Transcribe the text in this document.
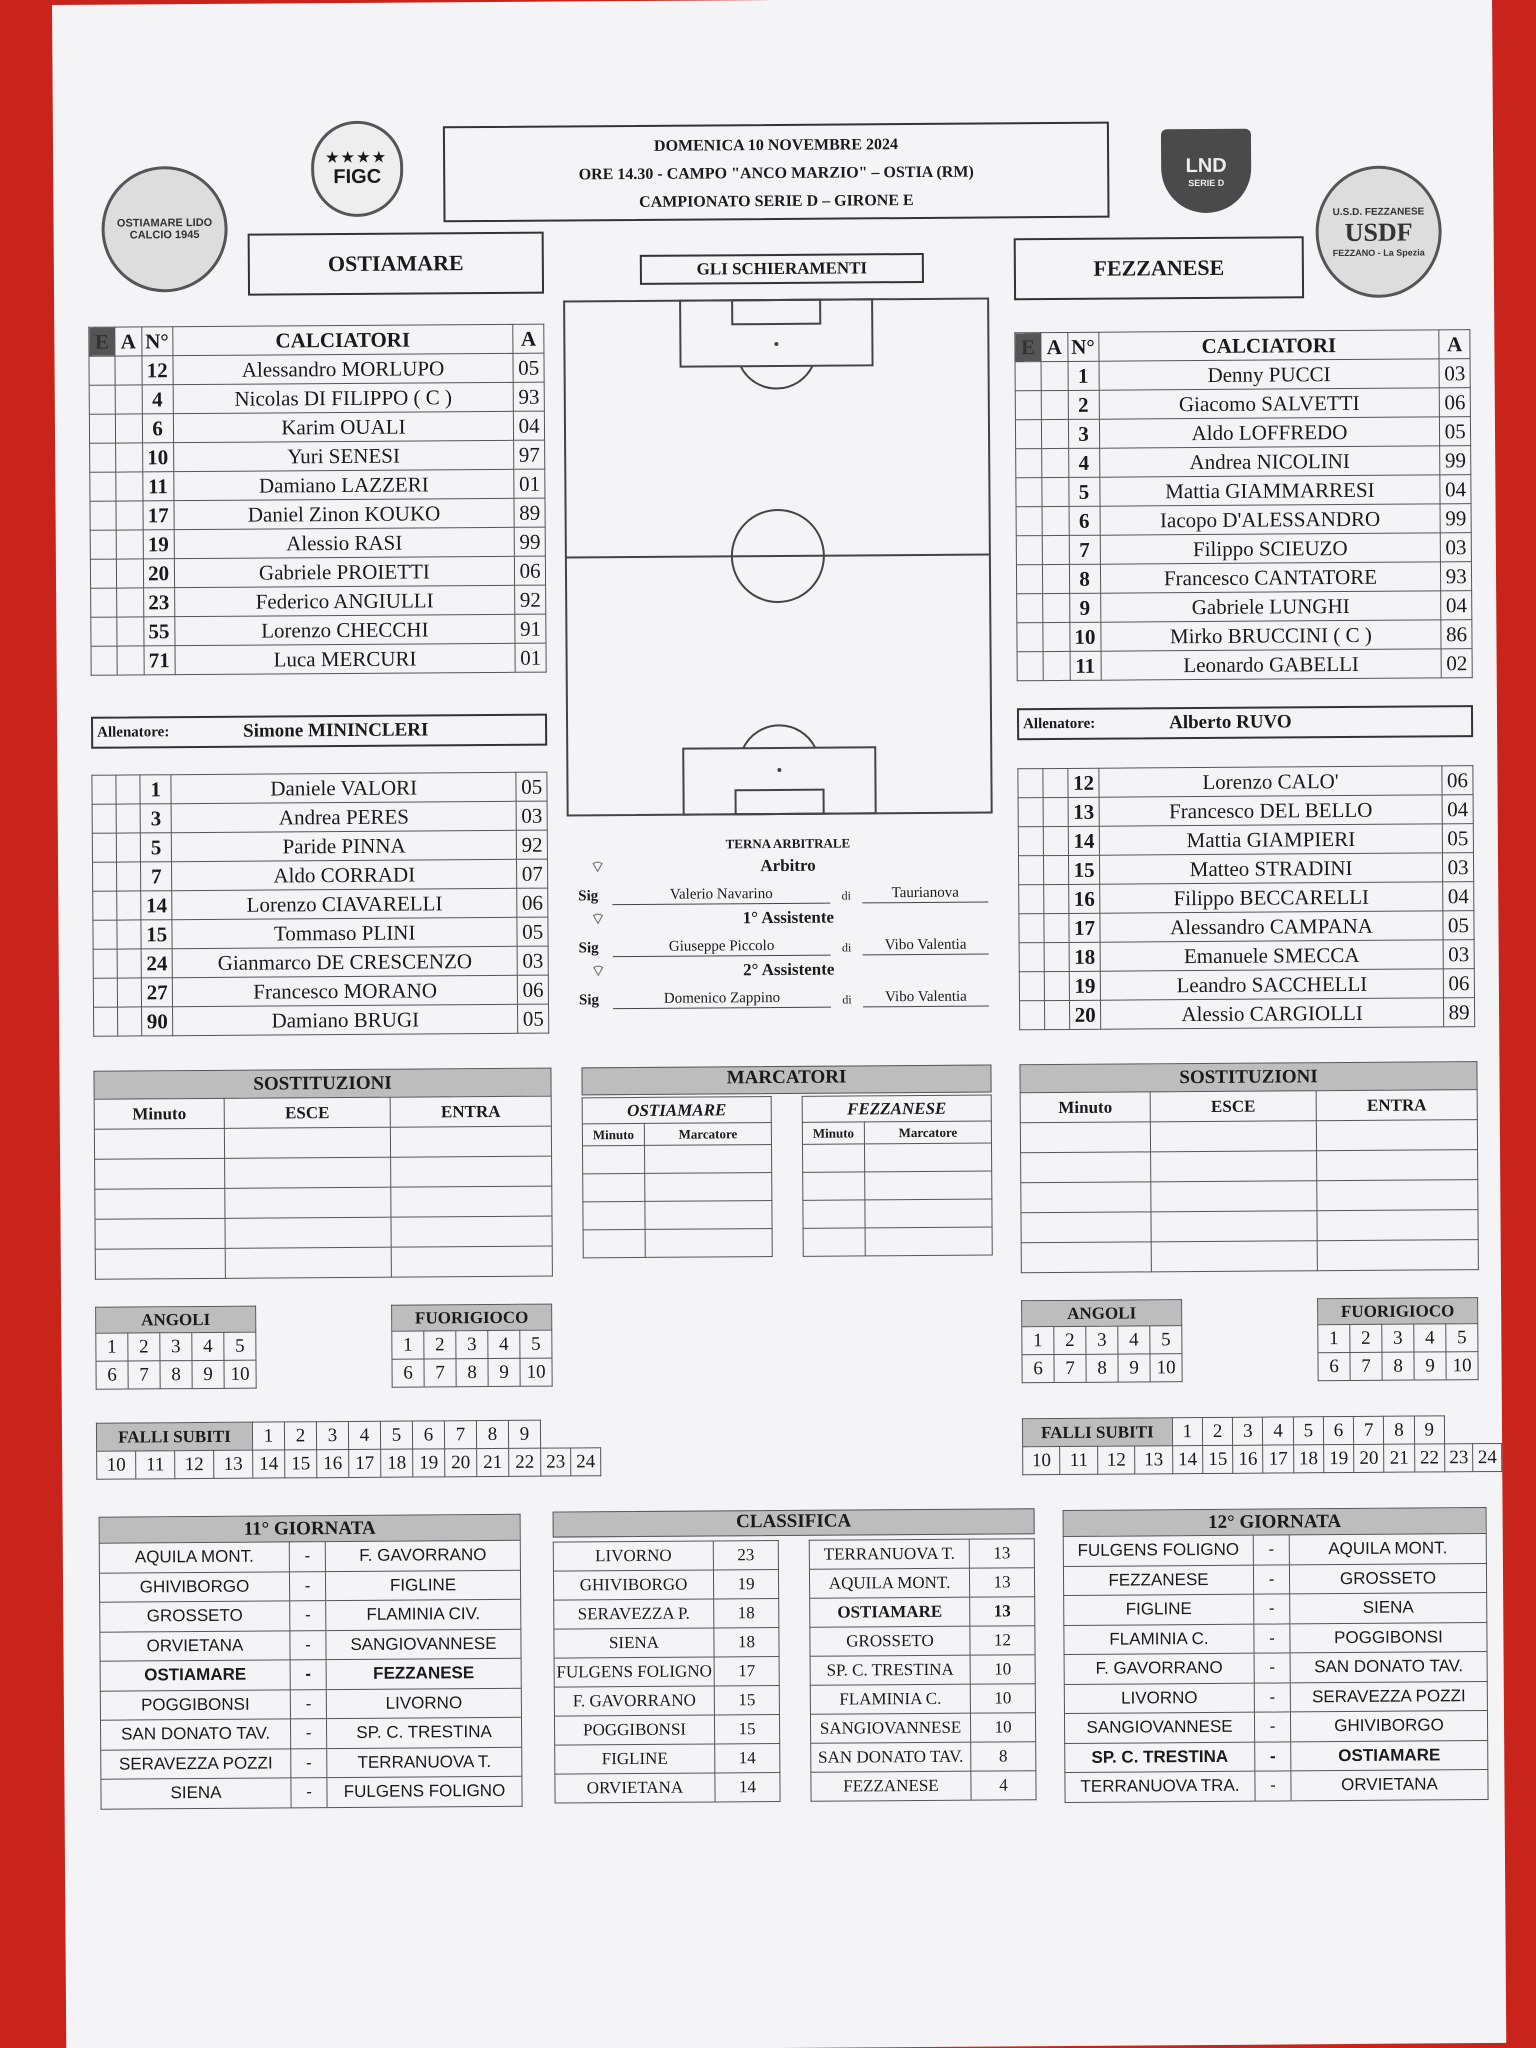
OSTIAMARE LIDO CALCIO 1945
★★★★
FIGC
LND
SERIE D
U.S.D. FEZZANESE
USDF
FEZZANO - La Spezia
DOMENICA 10 NOVEMBRE 2024
ORE 14.30 - CAMPO "ANCO MARZIO" – OSTIA (RM)
CAMPIONATO SERIE D – GIRONE E
OSTIAMARE	FEZZANESE
GLI SCHIERAMENTI
E	A	N°	CALCIATORI	A
		12	Alessandro MORLUPO	05
		4	Nicolas DI FILIPPO ( C )	93
		6	Karim OUALI	04
		10	Yuri SENESI	97
		11	Damiano LAZZERI	01
		17	Daniel Zinon KOUKO	89
		19	Alessio RASI	99
		20	Gabriele PROIETTI	06
		23	Federico ANGIULLI	92
		55	Lorenzo CHECCHI	91
		71	Luca MERCURI	01
Allenatore:	Simone MININCLERI
		1	Daniele VALORI	05
		3	Andrea PERES	03
		5	Paride PINNA	92
		7	Aldo CORRADI	07
		14	Lorenzo CIAVARELLI	06
		15	Tommaso PLINI	05
		24	Gianmarco DE CRESCENZO	03
		27	Francesco MORANO	06
		90	Damiano BRUGI	05
E	A	N°	CALCIATORI	A
		1	Denny PUCCI	03
		2	Giacomo SALVETTI	06
		3	Aldo LOFFREDO	05
		4	Andrea NICOLINI	99
		5	Mattia GIAMMARRESI	04
		6	Iacopo D'ALESSANDRO	99
		7	Filippo SCIEUZO	03
		8	Francesco CANTATORE	93
		9	Gabriele LUNGHI	04
		10	Mirko BRUCCINI ( C )	86
		11	Leonardo GABELLI	02
Allenatore:	Alberto RUVO
		12	Lorenzo CALO'	06
		13	Francesco DEL BELLO	04
		14	Mattia GIAMPIERI	05
		15	Matteo STRADINI	03
		16	Filippo BECCARELLI	04
		17	Alessandro CAMPANA	05
		18	Emanuele SMECCA	03
		19	Leandro SACCHELLI	06
		20	Alessio CARGIOLLI	89
TERNA ARBITRALE
Arbitro
⌔
Sig	Valerio Navarino	di	Taurianova
1° Assistente
⌔
Sig	Giuseppe Piccolo	di	Vibo Valentia
2° Assistente
⌔
Sig	Domenico Zappino	di	Vibo Valentia
SOSTITUZIONI		
Minuto	ESCE	ENTRA

SOSTITUZIONI		
Minuto	ESCE	ENTRA

MARCATORI
OSTIAMARE	
Minuto	Marcatore

FEZZANESE	
Minuto	Marcatore

ANGOLI				
1	2	3	4	5
6	7	8	9	10
FUORIGIOCO				
1	2	3	4	5
6	7	8	9	10
ANGOLI				
1	2	3	4	5
6	7	8	9	10
FUORIGIOCO				
1	2	3	4	5
6	7	8	9	10
FALLI SUBITI				1	2	3	4	5	6	7	8	9		
10	11	12	13	14	15	16	17	18	19	20	21	22	23	24
FALLI SUBITI				1	2	3	4	5	6	7	8	9		
10	11	12	13	14	15	16	17	18	19	20	21	22	23	24
11° GIORNATA		
AQUILA MONT.	-	F. GAVORRANO
GHIVIBORGO	-	FIGLINE
GROSSETO	-	FLAMINIA CIV.
ORVIETANA	-	SANGIOVANNESE
OSTIAMARE	-	FEZZANESE
POGGIBONSI	-	LIVORNO
SAN DONATO TAV.	-	SP. C. TRESTINA
SERAVEZZA POZZI	-	TERRANUOVA T.
SIENA	-	FULGENS FOLIGNO
CLASSIFICA
LIVORNO	23
GHIVIBORGO	19
SERAVEZZA P.	18
SIENA	18
FULGENS FOLIGNO	17
F. GAVORRANO	15
POGGIBONSI	15
FIGLINE	14
ORVIETANA	14
TERRANUOVA T.	13
AQUILA MONT.	13
OSTIAMARE	13
GROSSETO	12
SP. C. TRESTINA	10
FLAMINIA C.	10
SANGIOVANNESE	10
SAN DONATO TAV.	8
FEZZANESE	4
12° GIORNATA		
FULGENS FOLIGNO	-	AQUILA MONT.
FEZZANESE	-	GROSSETO
FIGLINE	-	SIENA
FLAMINIA C.	-	POGGIBONSI
F. GAVORRANO	-	SAN DONATO TAV.
LIVORNO	-	SERAVEZZA POZZI
SANGIOVANNESE	-	GHIVIBORGO
SP. C. TRESTINA	-	OSTIAMARE
TERRANUOVA TRA.	-	ORVIETANA
